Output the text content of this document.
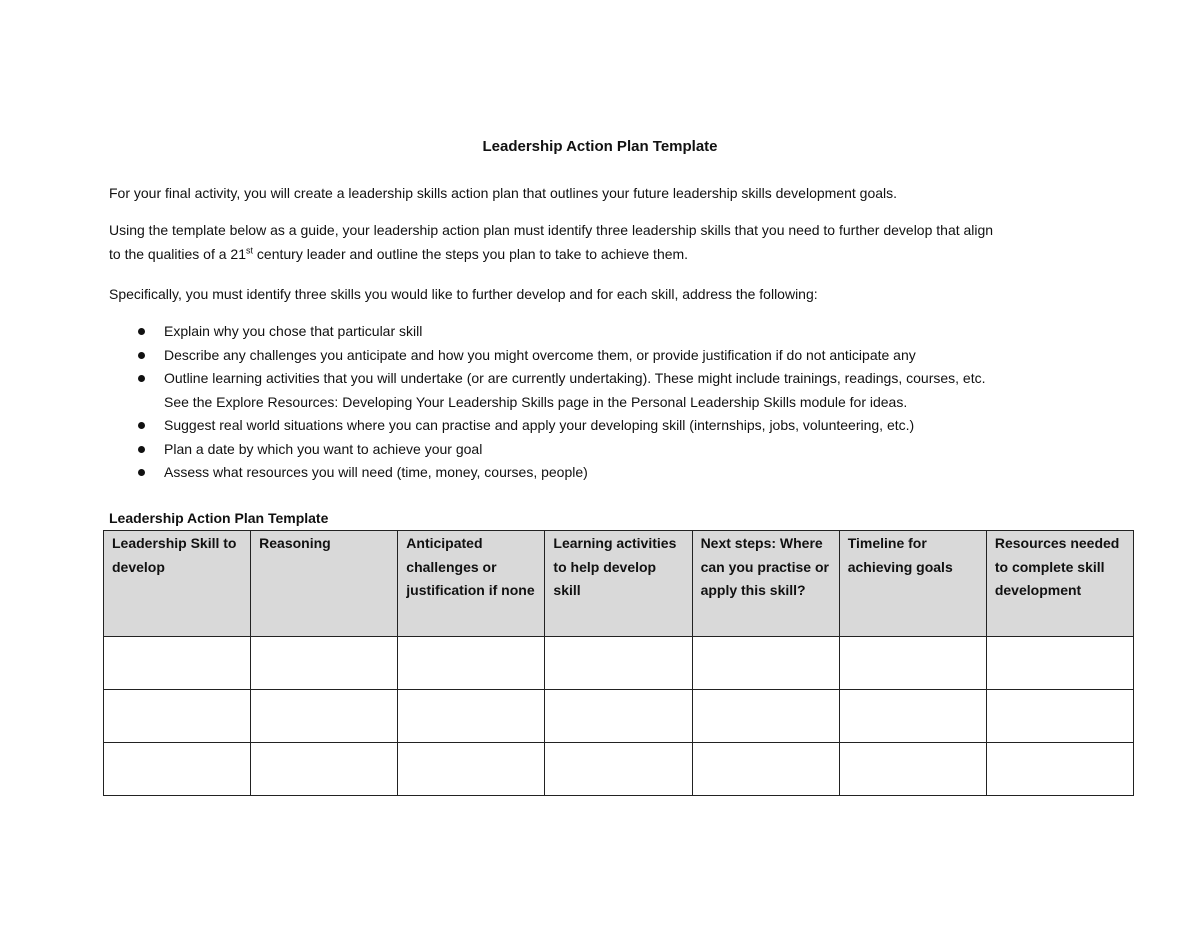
Leadership Action Plan Template

For your final activity, you will create a leadership skills action plan that outlines your future leadership skills development goals.

Using the template below as a guide, your leadership action plan must identify three leadership skills that you need to further develop that align
to the qualities of a 21st century leader and outline the steps you plan to take to achieve them.

Specifically, you must identify three skills you would like to further develop and for each skill, address the following:

Explain why you chose that particular skill
Describe any challenges you anticipate and how you might overcome them, or provide justification if do not anticipate any
Outline learning activities that you will undertake (or are currently undertaking). These might include trainings, readings, courses, etc.
See the Explore Resources: Developing Your Leadership Skills page in the Personal Leadership Skills module for ideas.
Suggest real world situations where you can practise and apply your developing skill (internships, jobs, volunteering, etc.)
Plan a date by which you want to achieve your goal
Assess what resources you will need (time, money, courses, people)
Leadership Action Plan Template
Leadership Skill to develop	Reasoning	Anticipated challenges or justification if none	Learning activities to help develop skill	Next steps: Where can you practise or apply this skill?	Timeline for achieving goals	Resources needed to complete skill development
